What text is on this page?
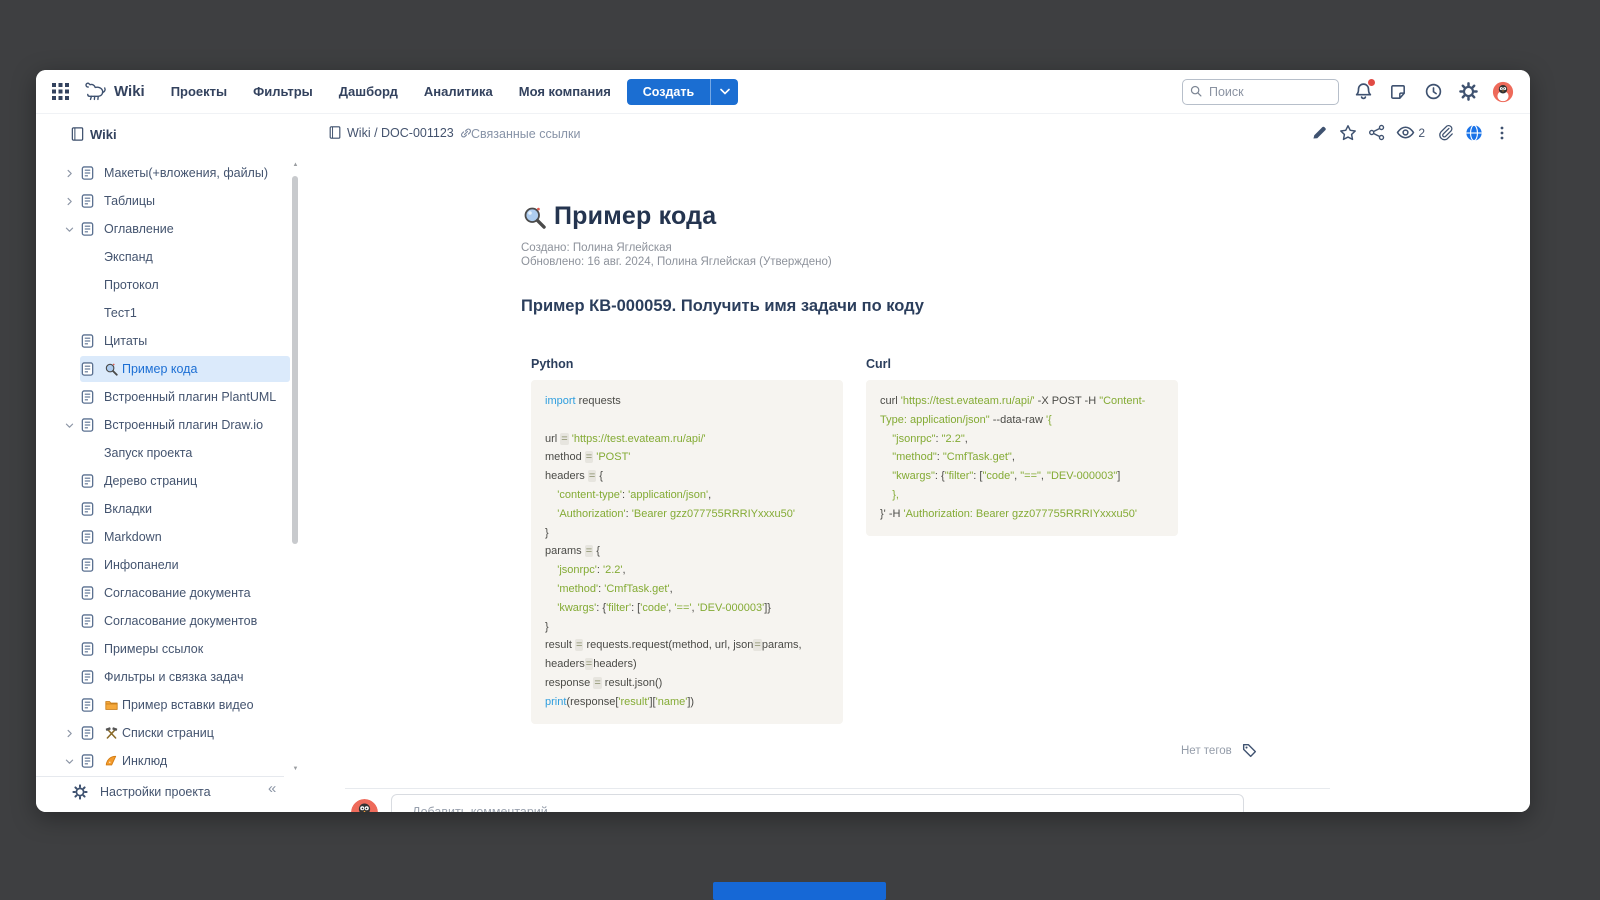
Wiki Проекты Фильтры Дашборд Аналитика Моя компания	Создать
Поиск
Wiki
Макеты(+вложения, файлы)
Таблицы
Оглавление
Экспанд
Протокол
Тест1
Цитаты
Пример кода
Встроенный плагин PlantUML
Встроенный плагин Draw.io
Запуск проекта
Дерево страниц
Вкладки
Markdown
Инфопанели
Согласование документа
Согласование документов
Примеры ссылок
Фильтры и связка задач
Пример вставки видео
Списки страниц
Инклюд
▲
▼
Настройки проекта	«
Wiki / DOC-001123 Связанные ссылки	2
Пример кода
Создано: Полина Яглейская
Обновлено: 16 авг. 2024, Полина Яглейская (Утверждено)
Пример КВ-000059. Получить имя задачи по коду
Python
import requests
url = 'https://test.evateam.ru/api/'
method = 'POST'
headers = {
'content-type': 'application/json',
'Authorization': 'Bearer gzz077755RRRIYxxxu50'
}
params = {
'jsonrpc': '2.2',
'method': 'CmfTask.get',
'kwargs': {'filter': ['code', '==', 'DEV-000003']}
}
result = requests.request(method, url, json=params,
headers=headers)
response = result.json()
print(response['result']['name'])
Curl
curl 'https://test.evateam.ru/api/' -X POST -H "Content-
Type: application/json" --data-raw '{
"jsonrpc": "2.2",
"method": "CmfTask.get",
"kwargs": {"filter": ["code", "==", "DEV-000003"]
},
}' -H 'Authorization: Bearer gzz077755RRRIYxxxu50'
Нет тегов
Добавить комментарий...
